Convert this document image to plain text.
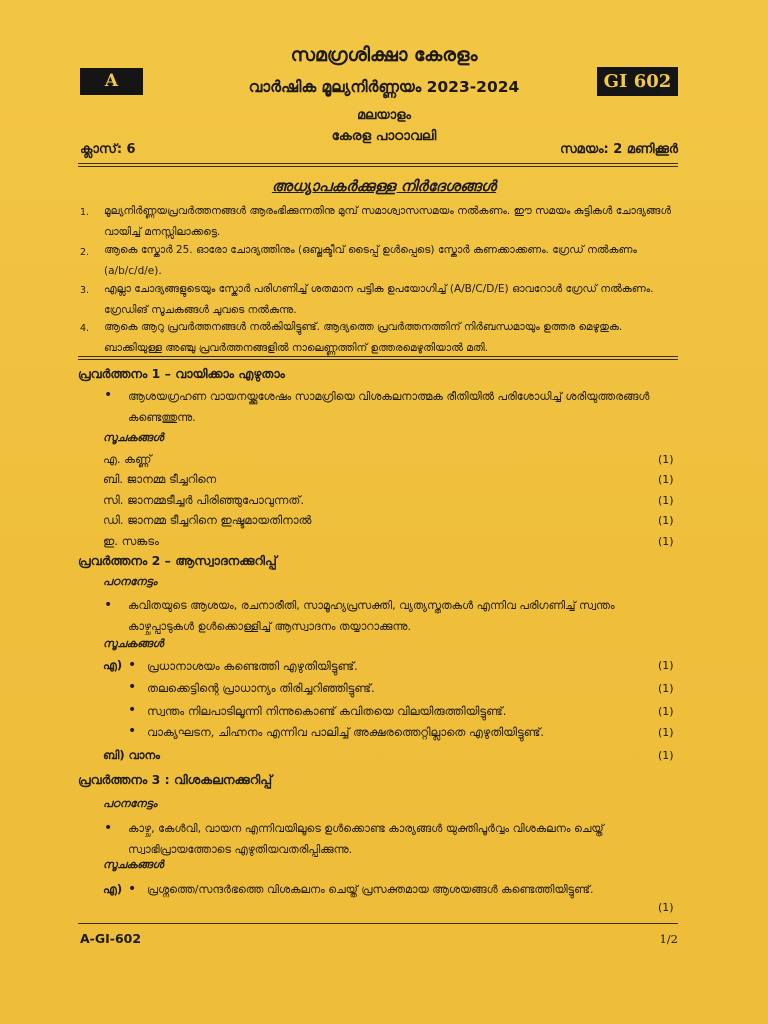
സമഗ്രശിക്ഷാ കേരളം
A	GI 602
വാർഷിക മൂല്യനിർണ്ണയം 2023-2024
മലയാളം
കേരള പാഠാവലി
ക്ലാസ്: 6	സമയം: 2 മണിക്കൂർ
അധ്യാപകർക്കുള്ള നിർദേശങ്ങൾ
1. മൂല്യനിർണ്ണയപ്രവർത്തനങ്ങൾ ആരംഭിക്കുന്നതിനു മുമ്പ് സമാശ്വാസസമയം നൽകണം. ഈ സമയം കുട്ടികൾ ചോദ്യങ്ങൾ വായിച്ച് മനസ്സിലാക്കട്ടെ.
2. ആകെ സ്കോർ 25. ഓരോ ചോദ്യത്തിനും (ഒബ്ജക്ടീവ് ടൈപ്പ് ഉൾപ്പെടെ) സ്കോർ കണക്കാക്കണം. ഗ്രേഡ് നൽകണം (a/b/c/d/e).
3. എല്ലാ ചോദ്യങ്ങളുടെയും സ്കോർ പരിഗണിച്ച് ശതമാന പട്ടിക ഉപയോഗിച്ച് (A/B/C/D/E) ഓവറോൾ ഗ്രേഡ് നൽകണം. ഗ്രേഡിങ് സൂചകങ്ങൾ ചുവടെ നൽകുന്നു.
4. ആകെ ആറു പ്രവർത്തനങ്ങൾ നൽകിയിട്ടുണ്ട്. ആദ്യത്തെ പ്രവർത്തനത്തിന് നിർബന്ധമായും ഉത്തര മെഴുതുക. ബാക്കിയുള്ള അഞ്ചു പ്രവർത്തനങ്ങളിൽ നാലെണ്ണത്തിന് ഉത്തരമെഴുതിയാൽ മതി.
പ്രവർത്തനം 1 – വായിക്കാം എഴുതാം
• ആശയഗ്രഹണ വായനയ്ക്കുശേഷം സാമഗ്രിയെ വിശകലനാത്മക രീതിയിൽ പരിശോധിച്ച് ശരിയുത്തരങ്ങൾ കണ്ടെത്തുന്നു.
സൂചകങ്ങൾ
എ. കണ്ണ്	(1)
ബി. ജാനമ്മ ടീച്ചറിനെ	(1)
സി. ജാനമ്മടീച്ചർ പിരിഞ്ഞുപോവുന്നത്.	(1)
ഡി. ജാനമ്മ ടീച്ചറിനെ ഇഷ്ടമായതിനാൽ	(1)
ഇ. സങ്കടം	(1)
പ്രവർത്തനം 2 – ആസ്വാദനക്കുറിപ്പ്
പഠനനേട്ടം
• കവിതയുടെ ആശയം, രചനാരീതി, സാമൂഹ്യപ്രസക്തി, വ്യത്യസ്തതകൾ എന്നിവ പരിഗണിച്ച് സ്വന്തം കാഴ്ചപ്പാടുകൾ ഉൾക്കൊള്ളിച്ച് ആസ്വാദനം തയ്യാറാക്കുന്നു.
സൂചകങ്ങൾ
എ) • പ്രധാനാശയം കണ്ടെത്തി എഴുതിയിട്ടുണ്ട്.	(1)
• തലക്കെട്ടിന്റെ പ്രാധാന്യം തിരിച്ചറിഞ്ഞിട്ടുണ്ട്.	(1)
• സ്വന്തം നിലപാടിലൂന്നി നിന്നുകൊണ്ട് കവിതയെ വിലയിരുത്തിയിട്ടുണ്ട്.	(1)
• വാക്യഘടന, ചിഹ്നനം എന്നിവ പാലിച്ച് അക്ഷരത്തെറ്റില്ലാതെ എഴുതിയിട്ടുണ്ട്.	(1)
ബി) വാനം	(1)
പ്രവർത്തനം 3 : വിശകലനക്കുറിപ്പ്
പഠനനേട്ടം
• കാഴ്ച, കേൾവി, വായന എന്നിവയിലൂടെ ഉൾക്കൊണ്ട കാര്യങ്ങൾ യുക്തിപൂർവ്വം വിശകലനം ചെയ്ത് സ്വാഭിപ്രായത്തോടെ എഴുതിയവതരിപ്പിക്കുന്നു.
സൂചകങ്ങൾ
എ) • പ്രശ്നത്തെ/സന്ദർഭത്തെ വിശകലനം ചെയ്ത് പ്രസക്തമായ ആശയങ്ങൾ കണ്ടെത്തിയിട്ടുണ്ട്.
(1)
A-GI-602	1/2
